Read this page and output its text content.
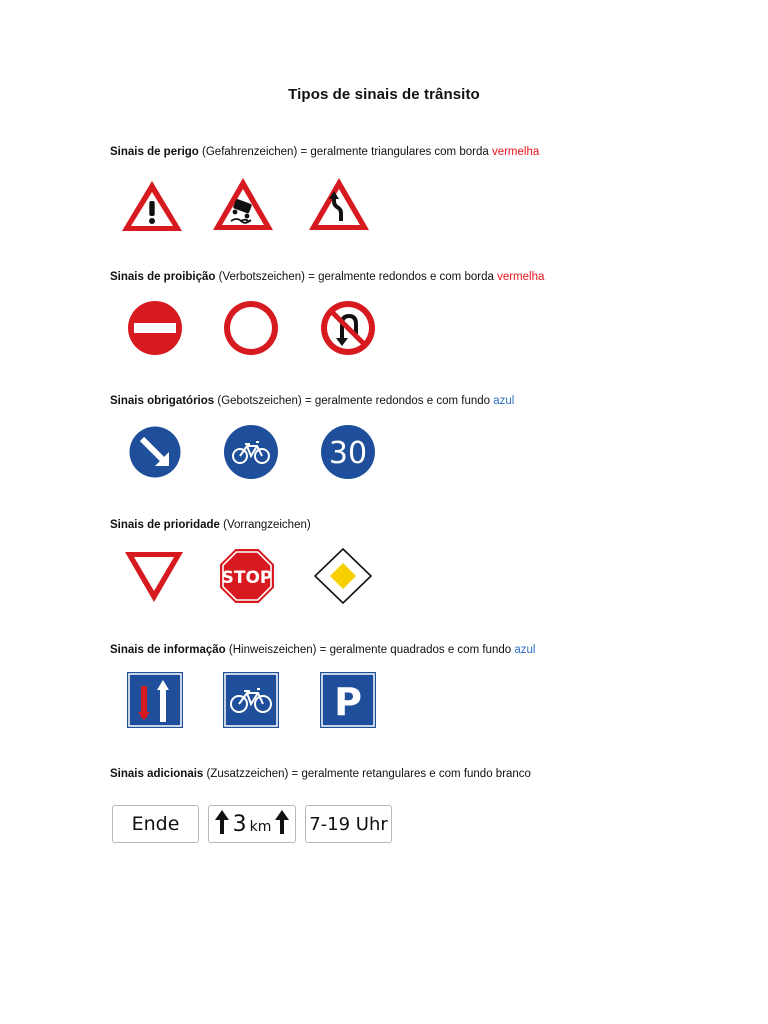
Tipos de sinais de trânsito
Sinais de perigo (Gefahrenzeichen) = geralmente triangulares com borda vermelha
Sinais de proibição (Verbotszeichen) = geralmente redondos e com borda vermelha
Sinais obrigatórios (Gebotszeichen) = geralmente redondos e com fundo azul
30
Sinais de prioridade (Vorrangzeichen)
STOP
Sinais de informação (Hinweiszeichen) = geralmente quadrados e com fundo azul
P
Sinais adicionais (Zusatzzeichen) = geralmente retangulares e com fundo branco
Ende 3 km 7-19 Uhr
